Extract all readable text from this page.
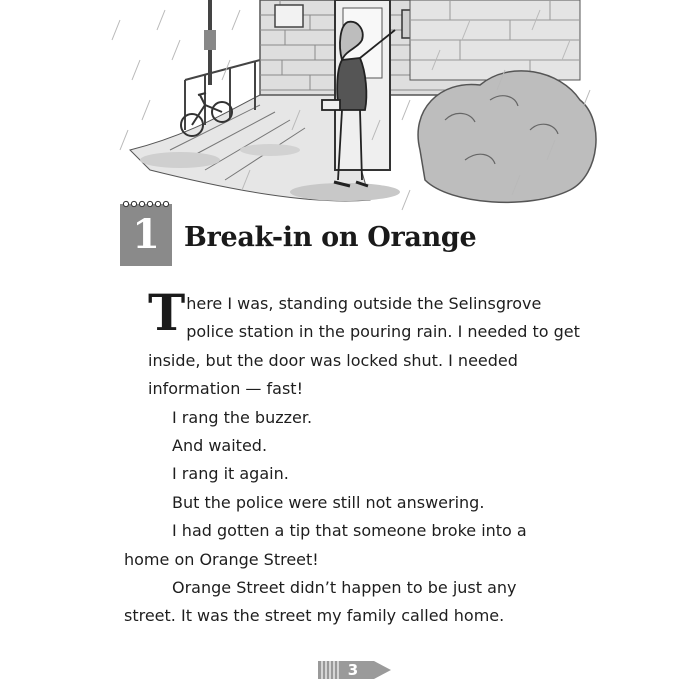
1 Break-in on Orange

T here I was, standing outside the Selinsgrove
police station in the pouring rain. I needed to get
inside, but the door was locked shut. I needed
information — fast!

I rang the buzzer.

And waited.

I rang it again.

But the police were still not answering.

I had gotten a tip that someone broke into a
home on Orange Street!

Orange Street didn’t happen to be just any
street. It was the street my family called home.

3
